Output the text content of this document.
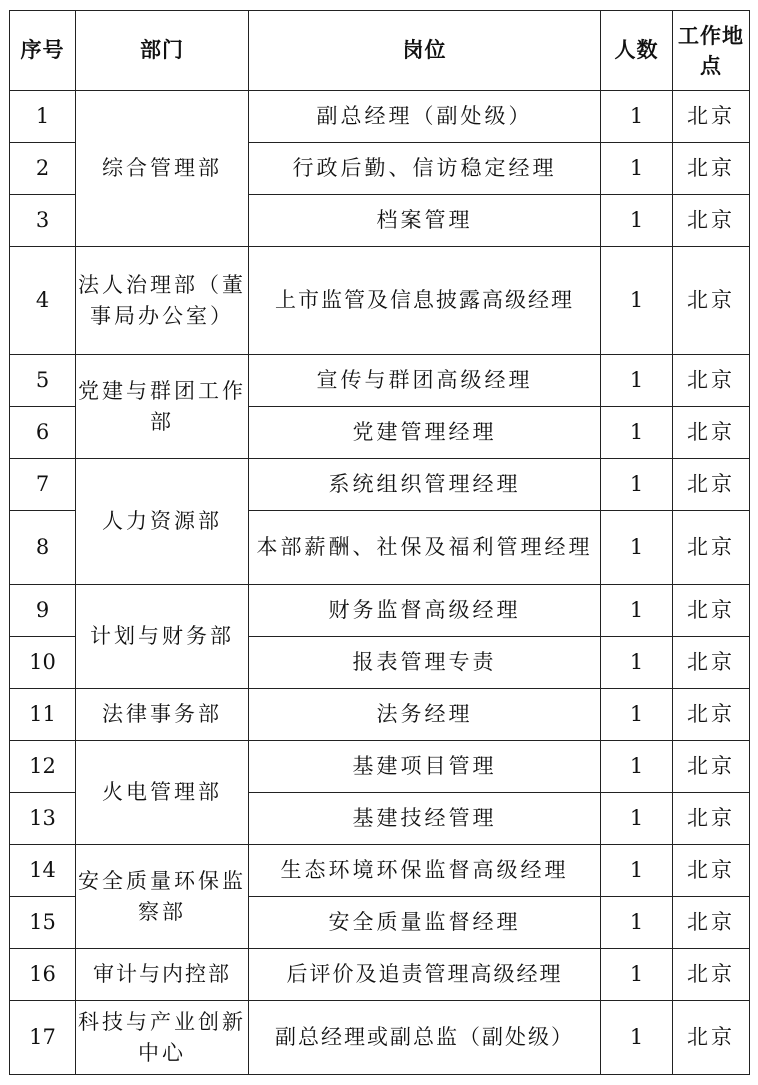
序号	部门	岗位	人数	工作地点
1	综合管理部	副总经理（副处级）	1	北京
2		行政后勤、信访稳定经理	1	北京
3		档案管理	1	北京
4	法人治理部（董事局办公室）	上市监管及信息披露高级经理	1	北京
5	党建与群团工作部	宣传与群团高级经理	1	北京
6		党建管理经理	1	北京
7	人力资源部	系统组织管理经理	1	北京
8		本部薪酬、社保及福利管理经理	1	北京
9	计划与财务部	财务监督高级经理	1	北京
10		报表管理专责	1	北京
11	法律事务部	法务经理	1	北京
12	火电管理部	基建项目管理	1	北京
13		基建技经管理	1	北京
14	安全质量环保监察部	生态环境环保监督高级经理	1	北京
15		安全质量监督经理	1	北京
16	审计与内控部	后评价及追责管理高级经理	1	北京
17	科技与产业创新中心	副总经理或副总监（副处级）	1	北京
